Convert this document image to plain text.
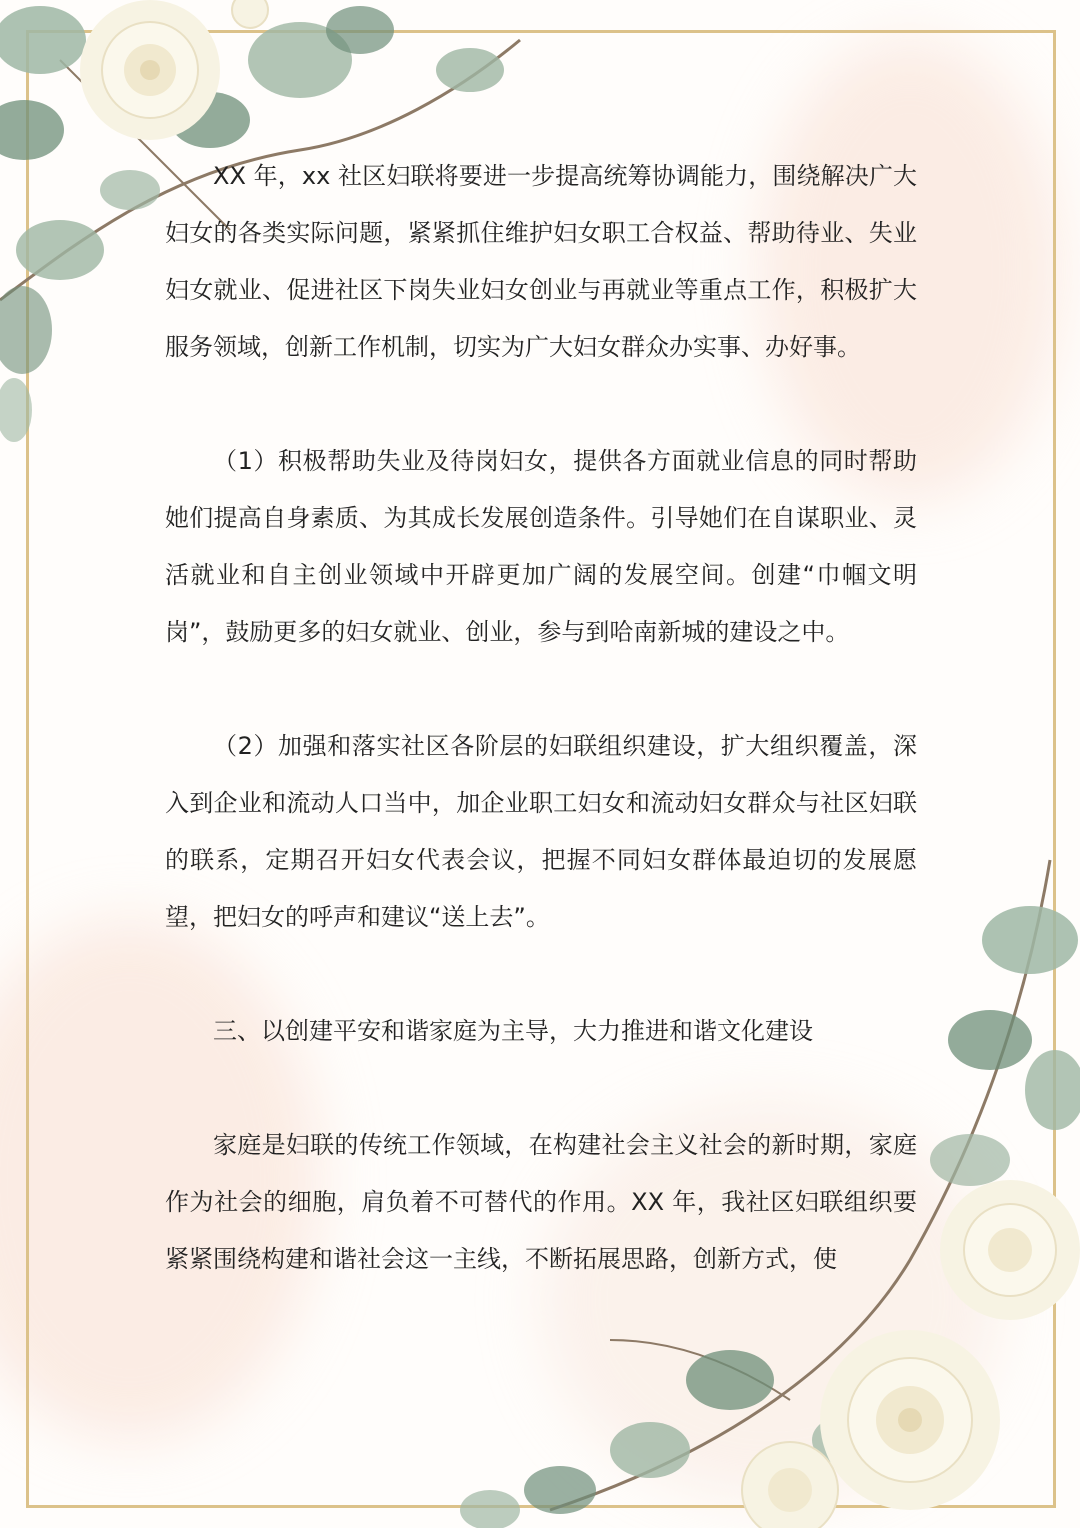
XX 年，xx 社区妇联将要进一步提高统筹协调能力，围绕解决广大妇女的各类实际问题，紧紧抓住维护妇女职工合权益、帮助待业、失业妇女就业、促进社区下岗失业妇女创业与再就业等重点工作，积极扩大服务领域，创新工作机制，切实为广大妇女群众办实事、办好事。

（1）积极帮助失业及待岗妇女，提供各方面就业信息的同时帮助她们提高自身素质、为其成长发展创造条件。引导她们在自谋职业、灵活就业和自主创业领域中开辟更加广阔的发展空间。创建“巾帼文明岗”，鼓励更多的妇女就业、创业，参与到哈南新城的建设之中。

（2）加强和落实社区各阶层的妇联组织建设，扩大组织覆盖，深入到企业和流动人口当中，加企业职工妇女和流动妇女群众与社区妇联的联系，定期召开妇女代表会议，把握不同妇女群体最迫切的发展愿望，把妇女的呼声和建议“送上去”。

三、以创建平安和谐家庭为主导，大力推进和谐文化建设

家庭是妇联的传统工作领域，在构建社会主义社会的新时期，家庭作为社会的细胞，肩负着不可替代的作用。XX 年，我社区妇联组织要紧紧围绕构建和谐社会这一主线，不断拓展思路，创新方式，使
